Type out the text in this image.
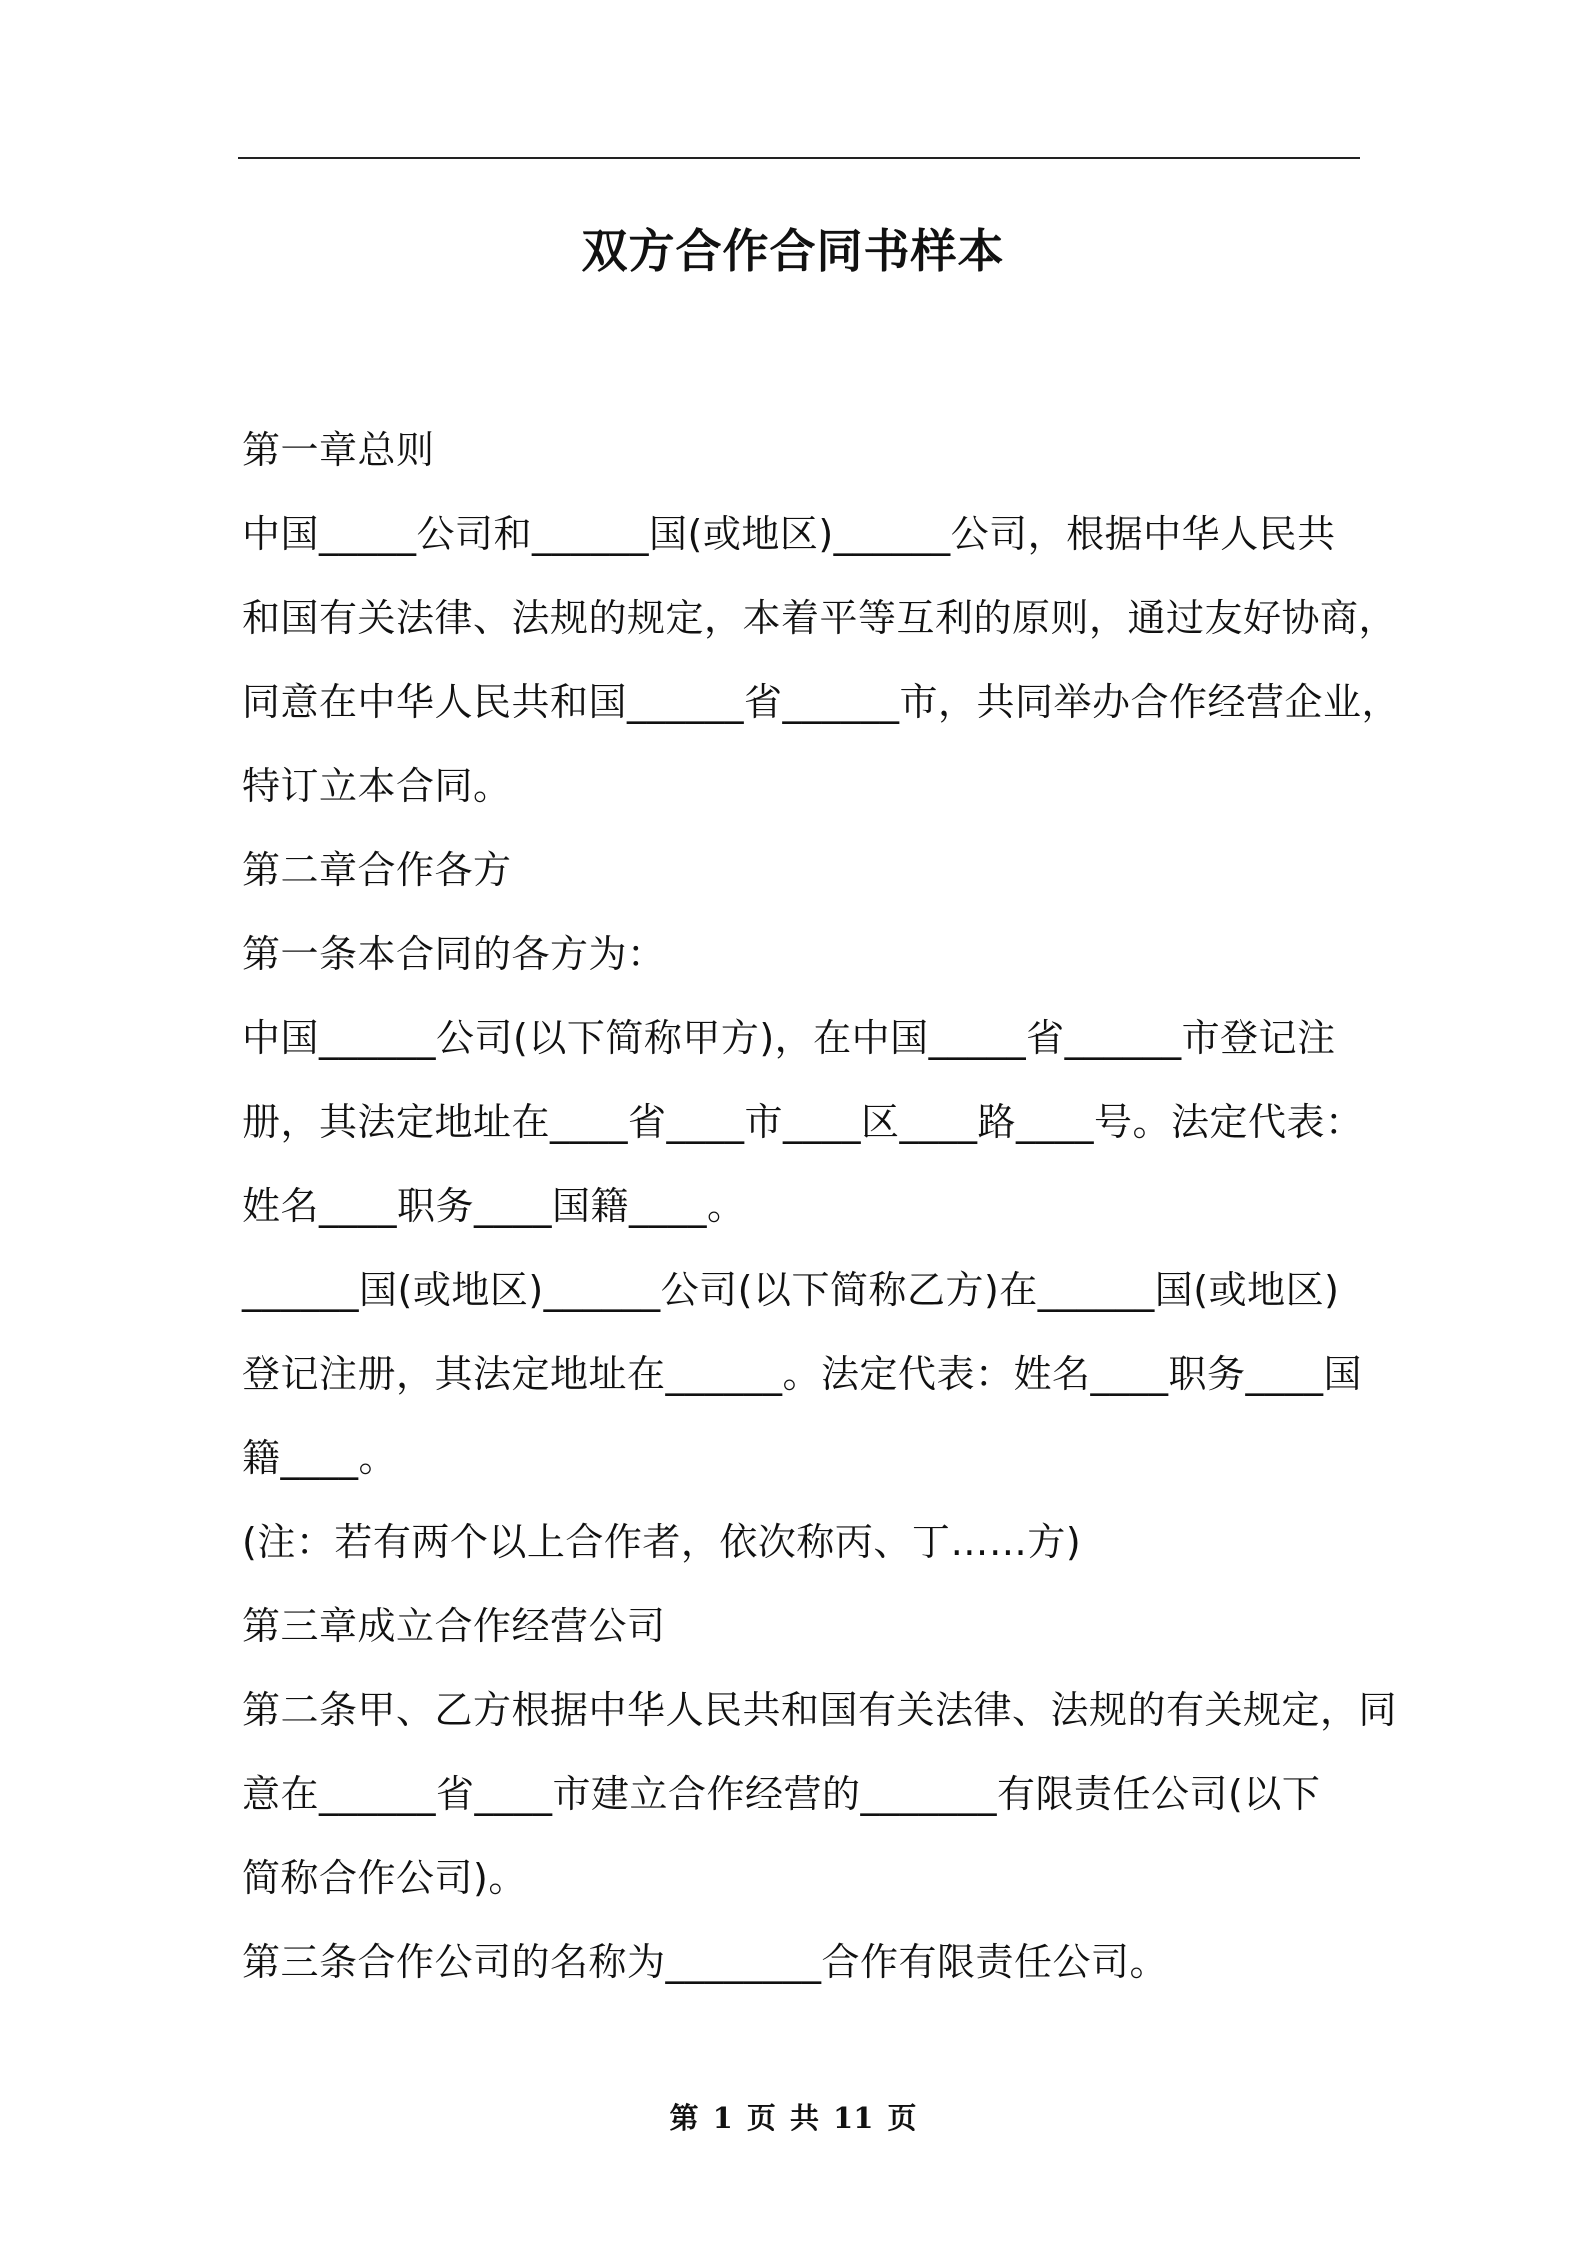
双方合作合同书样本
第一章总则
中国_____公司和______国(或地区)______公司，根据中华人民共
和国有关法律、法规的规定，本着平等互利的原则，通过友好协商，
同意在中华人民共和国______省______市，共同举办合作经营企业，
特订立本合同。
第二章合作各方
第一条本合同的各方为：
中国______公司(以下简称甲方)，在中国_____省______市登记注
册，其法定地址在____省____市____区____路____号。法定代表：
姓名____职务____国籍____。
______国(或地区)______公司(以下简称乙方)在______国(或地区)
登记注册，其法定地址在______。法定代表：姓名____职务____国
籍____。
(注：若有两个以上合作者，依次称丙、丁……方)
第三章成立合作经营公司
第二条甲、乙方根据中华人民共和国有关法律、法规的有关规定，同
意在______省____市建立合作经营的_______有限责任公司(以下
简称合作公司)。
第三条合作公司的名称为________合作有限责任公司。
第 1 页 共 11 页
